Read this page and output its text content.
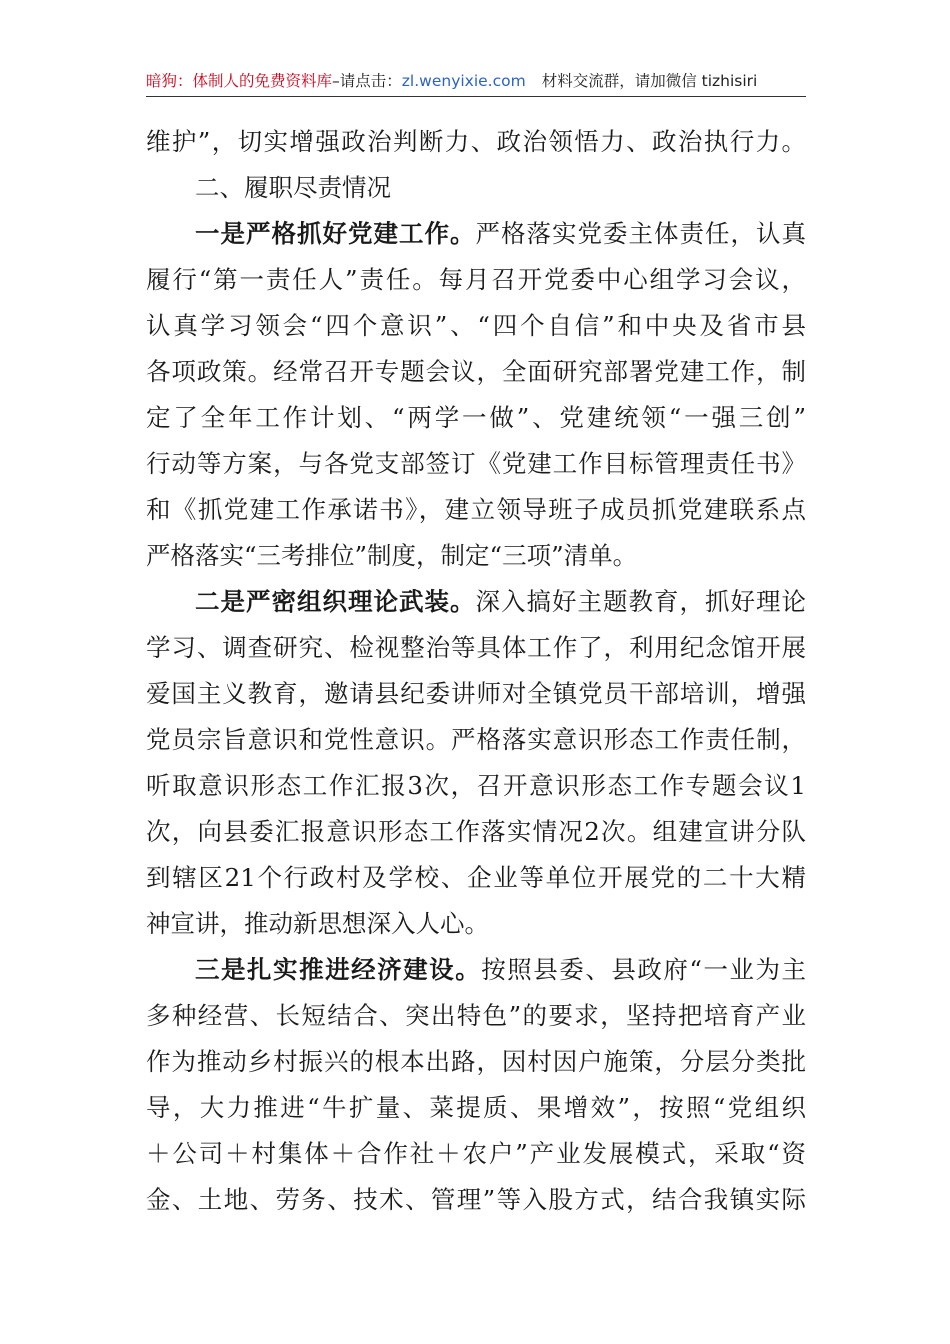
暗狗：体制人的免费资料库–请点击：zl.wenyixie.com 材料交流群，请加微信 tizhisiri
维护”，切实增强政治判断力、政治领悟力、政治执行力。
二、履职尽责情况
一是严格抓好党建工作。严格落实党委主体责任，认真
履行“第一责任人”责任。每月召开党委中心组学习会议，
认真学习领会“四个意识”、“四个自信”和中央及省市县
各项政策。经常召开专题会议，全面研究部署党建工作，制
定了全年工作计划、“两学一做”、党建统领“一强三创”
行动等方案，与各党支部签订《党建工作目标管理责任书》
和《抓党建工作承诺书》，建立领导班子成员抓党建联系点
严格落实“三考排位”制度，制定“三项”清单。
二是严密组织理论武装。深入搞好主题教育，抓好理论
学习、调查研究、检视整治等具体工作了，利用纪念馆开展
爱国主义教育，邀请县纪委讲师对全镇党员干部培训，增强
党员宗旨意识和党性意识。严格落实意识形态工作责任制，
听取意识形态工作汇报3次，召开意识形态工作专题会议1
次，向县委汇报意识形态工作落实情况2次。组建宣讲分队
到辖区21个行政村及学校、企业等单位开展党的二十大精
神宣讲，推动新思想深入人心。
三是扎实推进经济建设。按照县委、县政府“一业为主
多种经营、长短结合、突出特色”的要求，坚持把培育产业
作为推动乡村振兴的根本出路，因村因户施策，分层分类批
导，大力推进“牛扩量、菜提质、果增效”，按照“党组织
＋公司＋村集体＋合作社＋农户”产业发展模式，采取“资
金、土地、劳务、技术、管理”等入股方式，结合我镇实际
